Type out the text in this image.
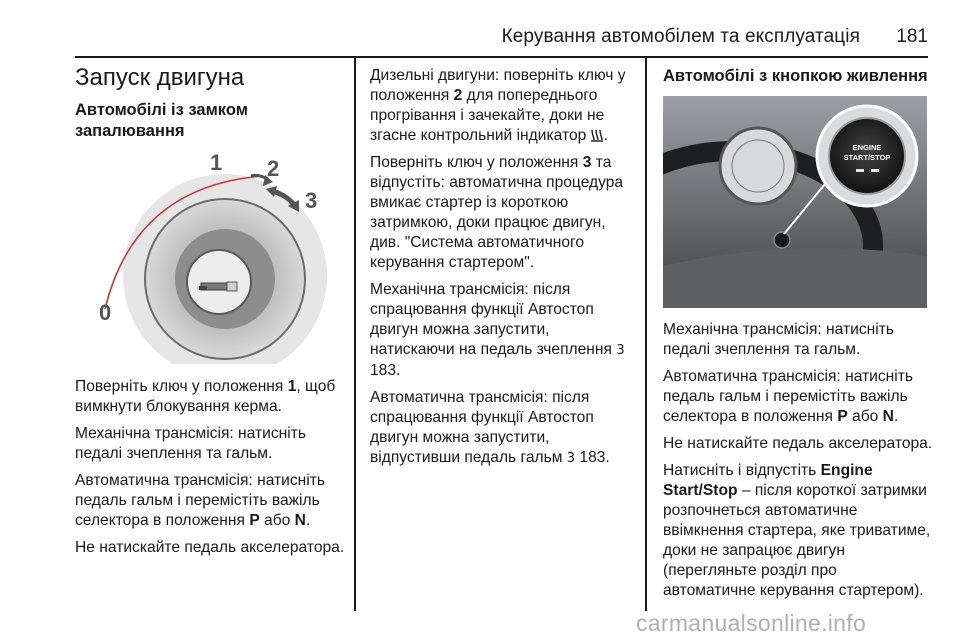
Керування автомобілем та експлуатація	181
Запуск двигуна
Автомобілі із замком запалювання
1 2
3
0

Поверніть ключ у положення 1, щоб вимкнути блокування керма.

Механічна трансмісія: натисніть педалі зчеплення та гальм.

Автоматична трансмісія: натисніть педаль гальм і перемістіть важіль селектора в положення P або N.

Не натискайте педаль акселератора.

Дизельні двигуни: поверніть ключ у положення 2 для попереднього прогрівання і зачекайте, доки не згасне контрольний індикатор .

Поверніть ключ у положення 3 та відпустіть: автоматична процедура вмикає стартер із короткою затримкою, доки працює двигун, див. "Система автоматичного керування стартером".

Механічна трансмісія: після спрацювання функції Автостоп двигун можна запустити, натискаючи на педаль зчеплення 3 183.

Автоматична трансмісія: після спрацювання функції Автостоп двигун можна запустити, відпустивши педаль гальм 3 183.

Автомобілі з кнопкою живлення
ENGINE
START/STOP

Механічна трансмісія: натисніть педалі зчеплення та гальм.

Автоматична трансмісія: натисніть педаль гальм і перемістіть важіль селектора в положення P або N.

Не натискайте педаль акселератора.

Натисніть і відпустіть Engine Start/Stop – після короткої затримки розпочнеться автоматичне ввімкнення стартера, яке триватиме, доки не запрацює двигун (перегляньте розділ про автоматичне керування стартером).

carmanualsonline.info
